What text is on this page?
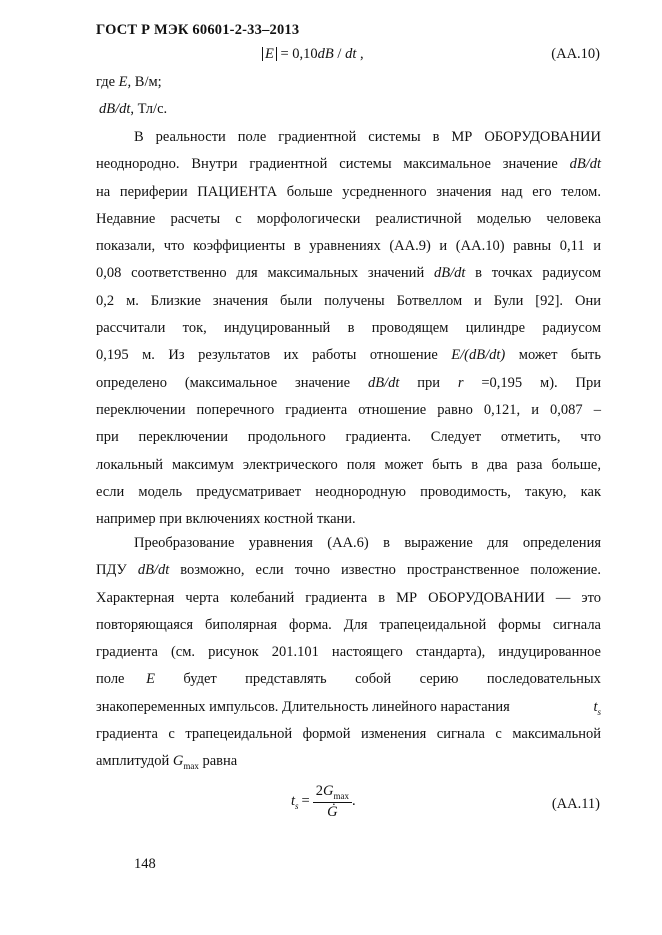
ГОСТ Р МЭК 60601-2-33–2013
E = 0,10dB / dt ,	(AA.10)
где E, В/м;
dB/dt, Тл/с.
В реальности поле градиентной системы в МР ОБОРУДОВАНИИ
неоднородно. Внутри градиентной системы максимальное значение dB/dt
на периферии ПАЦИЕНТА больше усредненного значения над его телом.
Недавние расчеты с морфологически реалистичной моделью человека
показали, что коэффициенты в уравнениях (AA.9) и (AA.10) равны 0,11 и
0,08 соответственно для максимальных значений dB/dt в точках радиусом
0,2 м. Близкие значения были получены Ботвеллом и Були [92]. Они
рассчитали ток, индуцированный в проводящем цилиндре радиусом
0,195 м. Из результатов их работы отношение E/(dB/dt) может быть
определено (максимальное значение dB/dt при r =0,195 м). При
переключении поперечного градиента отношение равно 0,121, и 0,087 –
при переключении продольного градиента. Следует отметить, что
локальный максимум электрического поля может быть в два раза больше,
если модель предусматривает неоднородную проводимость, такую, как
например при включениях костной ткани.
Преобразование уравнения (AA.6) в выражение для определения
ПДУ dB/dt возможно, если точно известно пространственное положение.
Характерная черта колебаний градиента в МР ОБОРУДОВАНИИ — это
повторяющаяся биполярная форма. Для трапецеидальной формы сигнала
градиента (см. рисунок 201.101 настоящего стандарта), индуцированное
поле E будет представлять собой серию последовательных
знакопеременных импульсов. Длительность линейного нарастания	$t_s$
градиента с трапецеидальной формой изменения сигнала с максимальной
амплитудой $G_{max}$ равна
$t_s = \frac{2G_{max}}{Ġ}$ .	(AA.11)
148
